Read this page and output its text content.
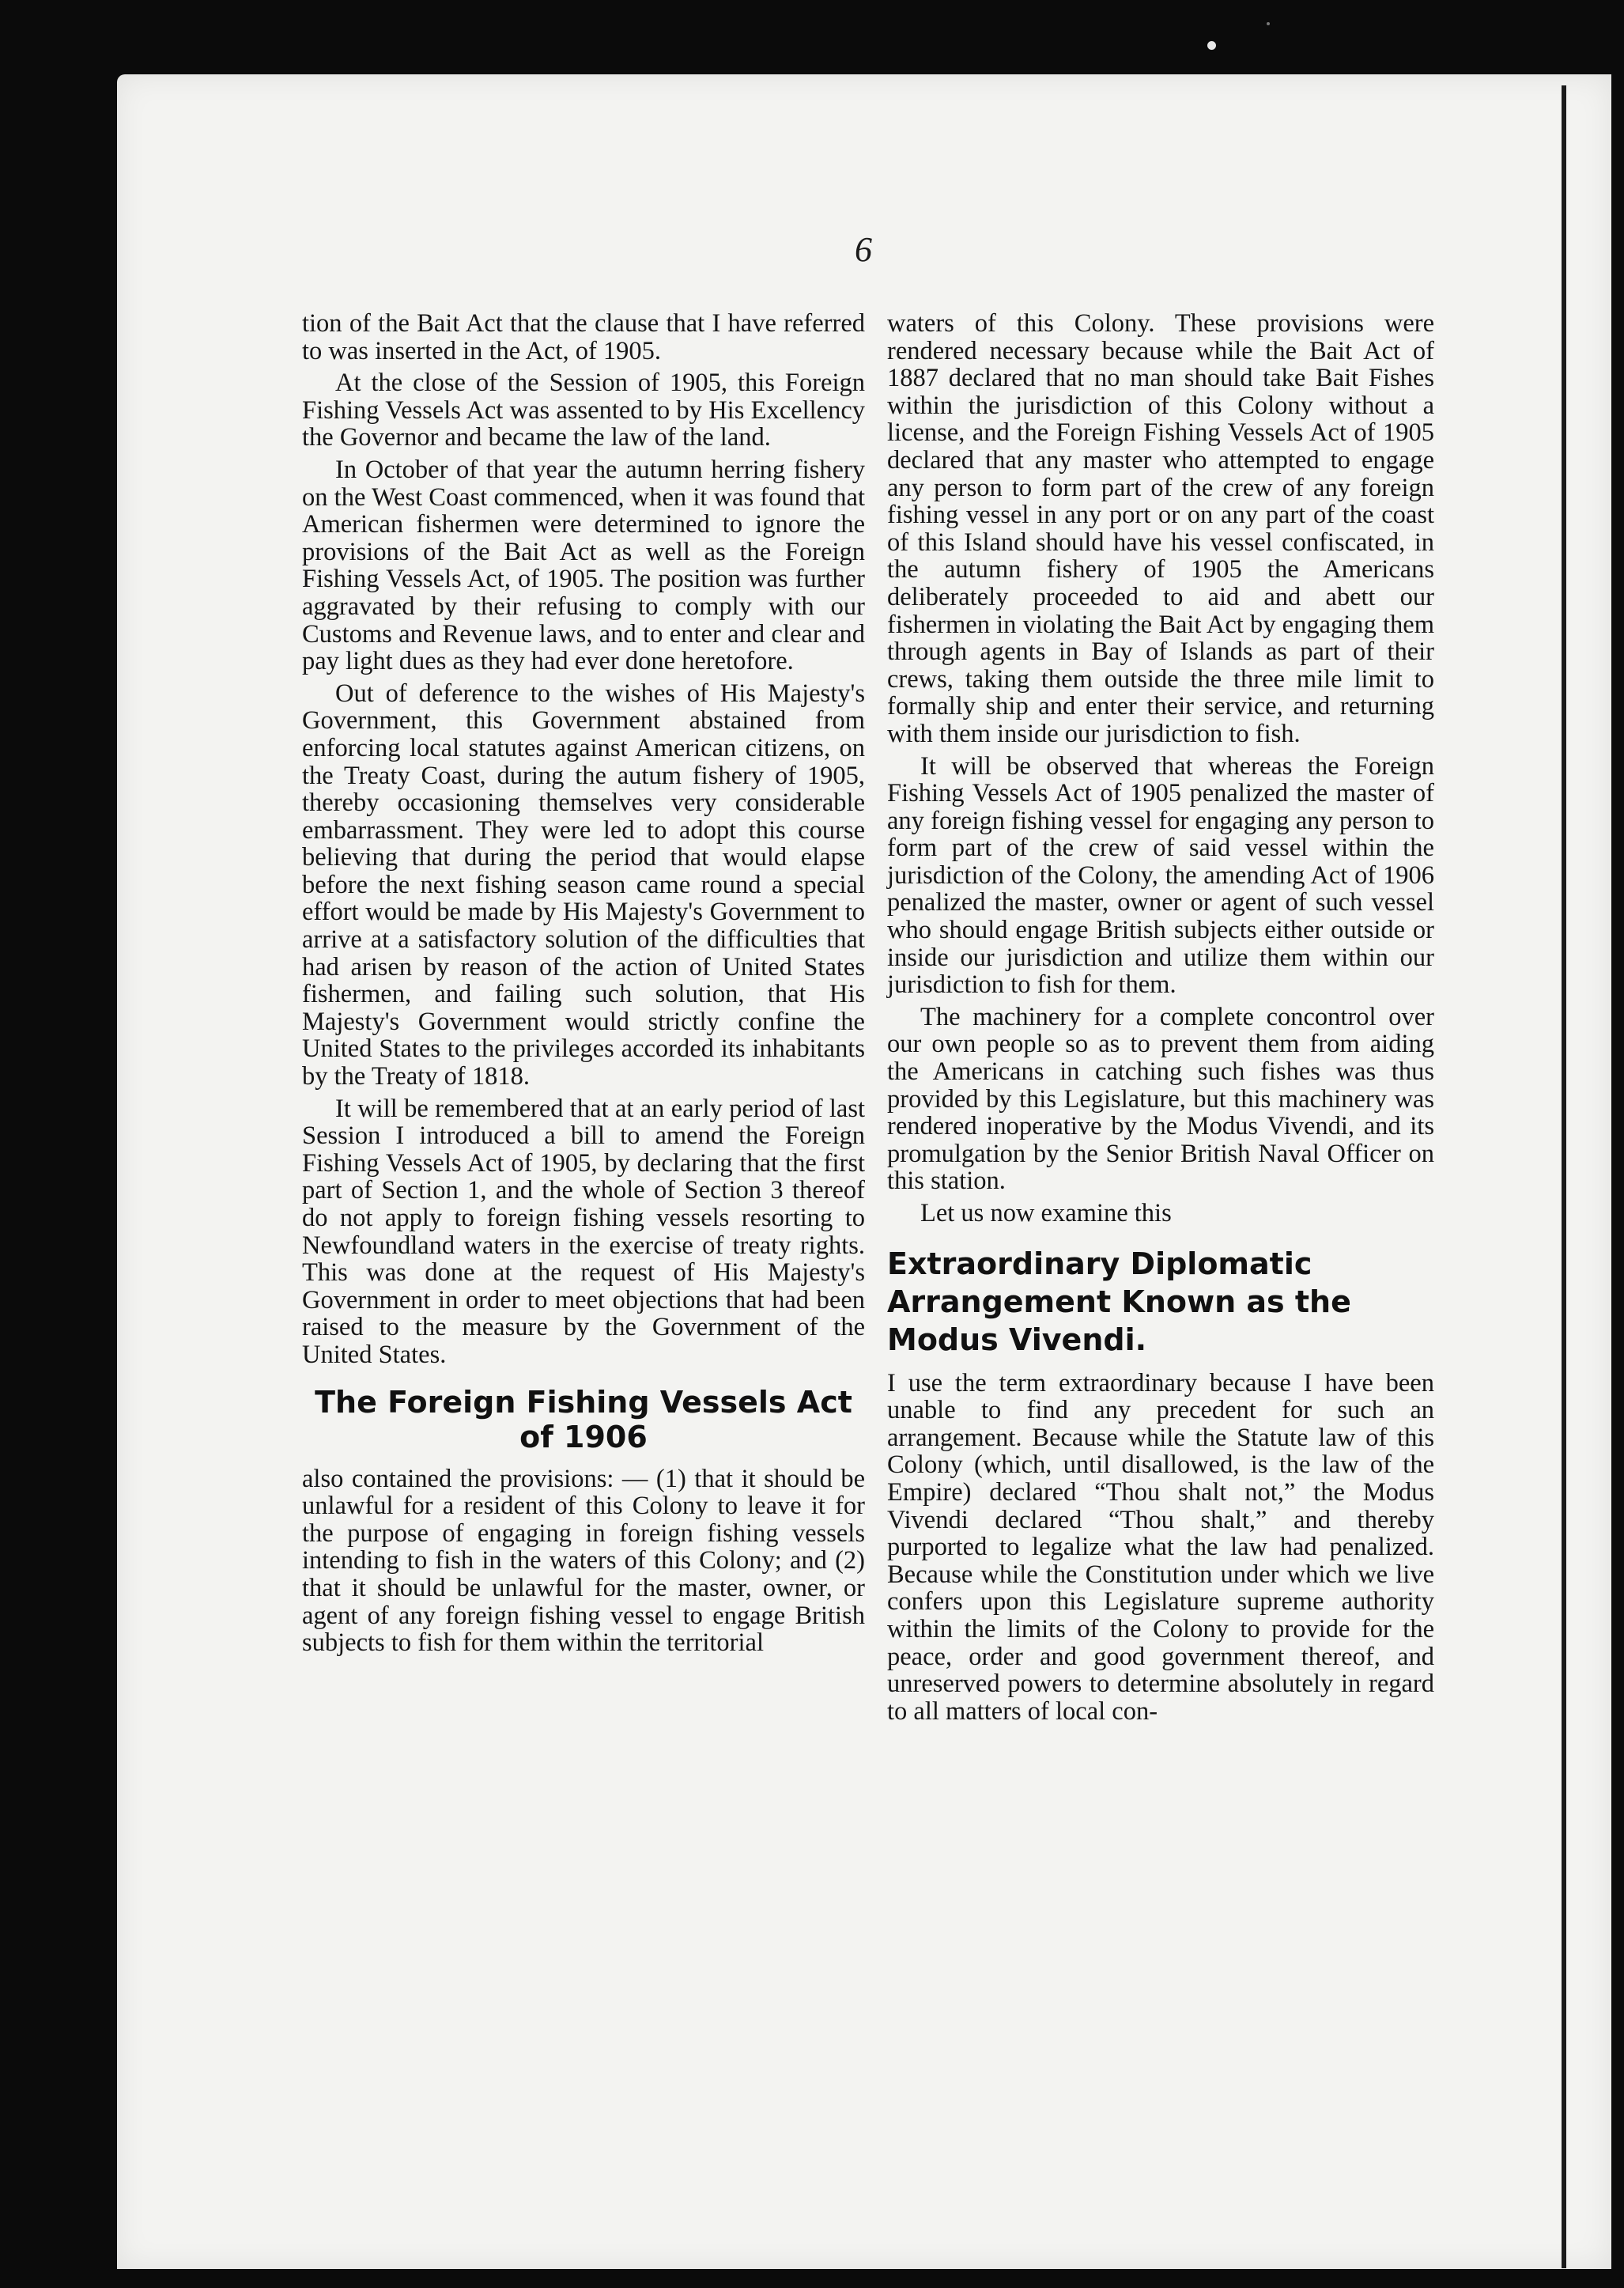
6

tion of the Bait Act that the clause that I have referred to was inserted in the Act, of 1905.

At the close of the Session of 1905, this Foreign Fishing Vessels Act was assented to by His Excellency the Governor and became the law of the land.

In October of that year the autumn herring fishery on the West Coast commenced, when it was found that American fishermen were determined to ignore the provisions of the Bait Act as well as the Foreign Fishing Vessels Act, of 1905. The position was further aggravated by their refusing to comply with our Customs and Revenue laws, and to enter and clear and pay light dues as they had ever done heretofore.

Out of deference to the wishes of His Majesty's Government, this Government abstained from enforcing local statutes against American citizens, on the Treaty Coast, during the autum fishery of 1905, thereby occasioning themselves very considerable embarrassment. They were led to adopt this course believing that during the period that would elapse before the next fishing season came round a special effort would be made by His Majesty's Government to arrive at a satisfactory solution of the difficulties that had arisen by reason of the action of United States fishermen, and failing such solution, that His Majesty's Government would strictly confine the United States to the privileges accorded its inhabitants by the Treaty of 1818.

It will be remembered that at an early period of last Session I introduced a bill to amend the Foreign Fishing Vessels Act of 1905, by declaring that the first part of Section 1, and the whole of Section 3 thereof do not apply to foreign fishing vessels resorting to Newfoundland waters in the exercise of treaty rights. This was done at the request of His Majesty's Government in order to meet objections that had been raised to the measure by the Government of the United States.

The Foreign Fishing Vessels Act of 1906

also contained the provisions: — (1) that it should be unlawful for a resident of this Colony to leave it for the purpose of engaging in foreign fishing vessels intending to fish in the waters of this Colony; and (2) that it should be unlawful for the master, owner, or agent of any foreign fishing vessel to engage British subjects to fish for them within the territorial

waters of this Colony. These provisions were rendered necessary because while the Bait Act of 1887 declared that no man should take Bait Fishes within the jurisdiction of this Colony without a license, and the Foreign Fishing Vessels Act of 1905 declared that any master who attempted to engage any person to form part of the crew of any foreign fishing vessel in any port or on any part of the coast of this Island should have his vessel confiscated, in the autumn fishery of 1905 the Americans deliberately proceeded to aid and abett our fishermen in violating the Bait Act by engaging them through agents in Bay of Islands as part of their crews, taking them outside the three mile limit to formally ship and enter their service, and returning with them inside our jurisdiction to fish.

It will be observed that whereas the Foreign Fishing Vessels Act of 1905 penalized the master of any foreign fishing vessel for engaging any person to form part of the crew of said vessel within the jurisdiction of the Colony, the amending Act of 1906 penalized the master, owner or agent of such vessel who should engage British subjects either outside or inside our jurisdiction and utilize them within our jurisdiction to fish for them.

The machinery for a complete concontrol over our own people so as to prevent them from aiding the Americans in catching such fishes was thus provided by this Legislature, but this machinery was rendered inoperative by the Modus Vivendi, and its promulgation by the Senior British Naval Officer on this station.

Let us now examine this

Extraordinary Diplomatic Arrangement Known as the Modus Vivendi.

I use the term extraordinary because I have been unable to find any precedent for such an arrangement. Because while the Statute law of this Colony (which, until disallowed, is the law of the Empire) declared “Thou shalt not,” the Modus Vivendi declared “Thou shalt,” and thereby purported to legalize what the law had penalized. Because while the Constitution under which we live confers upon this Legislature supreme authority within the limits of the Colony to provide for the peace, order and good government thereof, and unreserved powers to determine absolutely in regard to all matters of local con-
